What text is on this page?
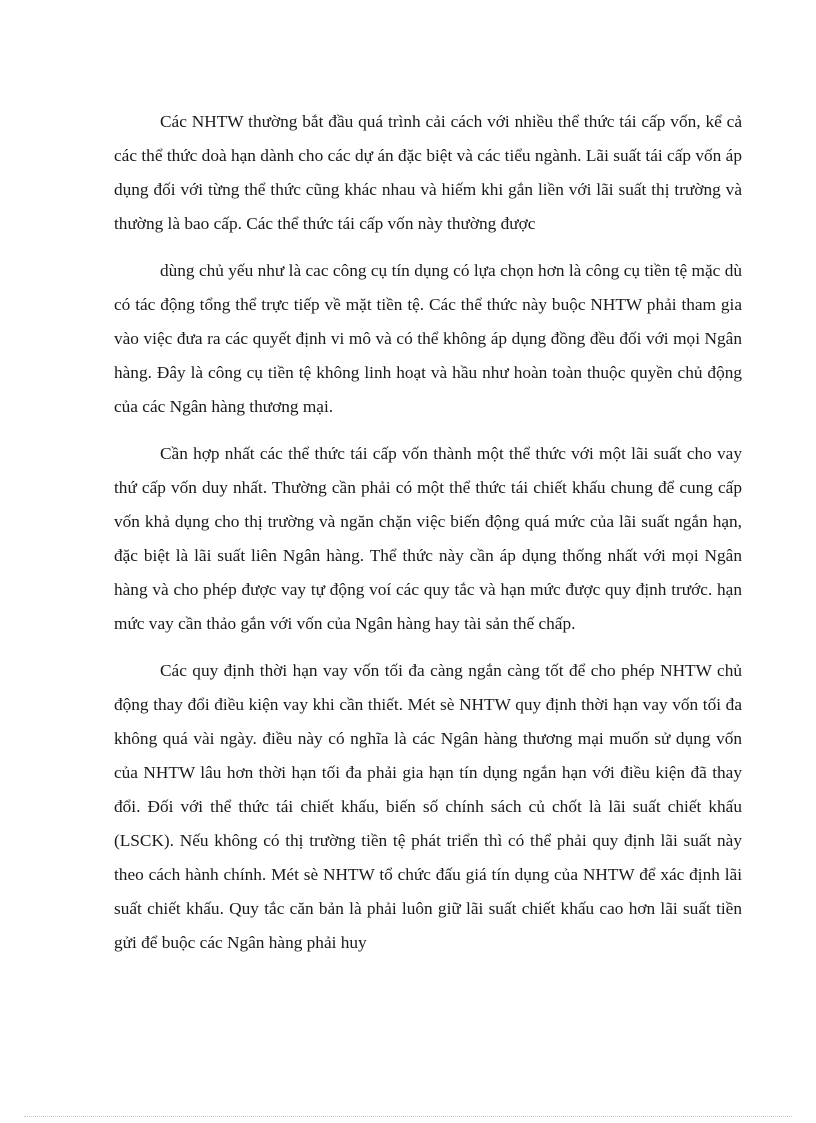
Các NHTW thường bắt đầu quá trình cải cách với nhiều thể thức tái cấp vốn, kể cả các thể thức doà hạn dành cho các dự án đặc biệt và các tiểu ngành. Lãi suất tái cấp vốn áp dụng đối với từng thể thức cũng khác nhau và hiếm khi gắn liền với lãi suất thị trường và thường là bao cấp. Các thể thức tái cấp vốn này thường được

dùng chủ yếu như là cac công cụ tín dụng có lựa chọn hơn là công cụ tiền tệ mặc dù có tác động tổng thể trực tiếp về mặt tiền tệ. Các thể thức này buộc NHTW phải tham gia vào việc đưa ra các quyết định vi mô và có thể không áp dụng đồng đều đối với mọi Ngân hàng. Đây là công cụ tiền tệ không linh hoạt và hầu như hoàn toàn thuộc quyền chủ động của các Ngân hàng thương mại.

Cần hợp nhất các thể thức tái cấp vốn thành một thể thức với một lãi suất cho vay thứ cấp vốn duy nhất. Thường cần phải có một thể thức tái chiết khấu chung để cung cấp vốn khả dụng cho thị trường và ngăn chặn việc biến động quá mức của lãi suất ngắn hạn, đặc biệt là lãi suất liên Ngân hàng. Thể thức này cần áp dụng thống nhất với mọi Ngân hàng và cho phép được vay tự động voí các quy tắc và hạn mức được quy định trước. hạn mức vay cần thảo gắn với vốn của Ngân hàng hay tài sản thế chấp.

Các quy định thời hạn vay vốn tối đa càng ngắn càng tốt để cho phép NHTW chủ động thay đổi điều kiện vay khi cần thiết. Mét sè NHTW quy định thời hạn vay vốn tối đa không quá vài ngày. điều này có nghĩa là các Ngân hàng thương mại muốn sử dụng vốn của NHTW lâu hơn thời hạn tối đa phải gia hạn tín dụng ngắn hạn với điều kiện đã thay đổi. Đối với thể thức tái chiết khấu, biến số chính sách củ chốt là lãi suất chiết khấu (LSCK). Nếu không có thị trường tiền tệ phát triển thì có thể phải quy định lãi suất này theo cách hành chính. Mét sè NHTW tổ chức đấu giá tín dụng của NHTW để xác định lãi suất chiết khấu. Quy tắc căn bản là phải luôn giữ lãi suất chiết khấu cao hơn lãi suất tiền gửi để buộc các Ngân hàng phải huy
